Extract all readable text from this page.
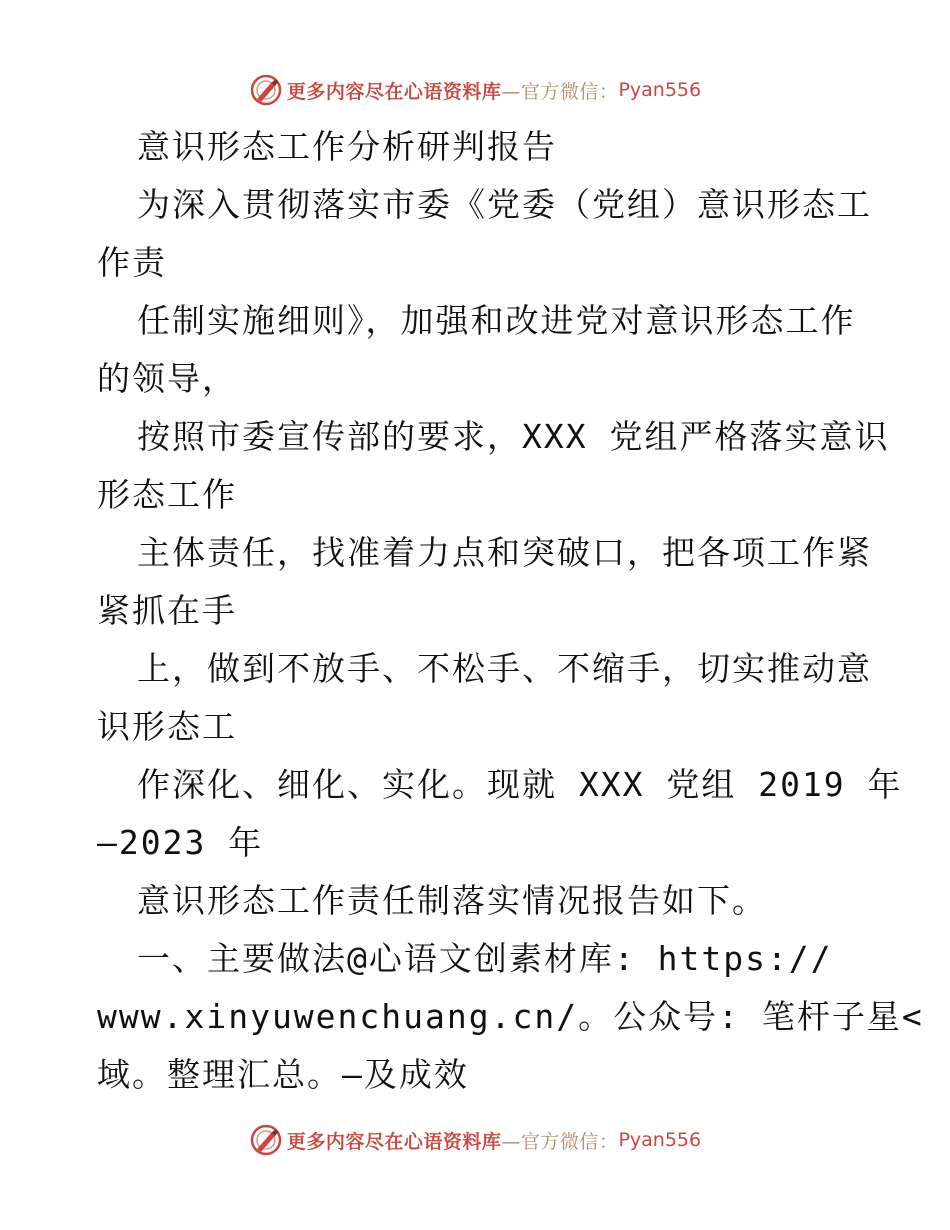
更多内容尽在心语资料库 —官方微信： Pyan556
意识形态工作分析研判报告
为深入贯彻落实市委《党委（党组）意识形态工
作责
任制实施细则》，加强和改进党对意识形态工作
的领导，
按照市委宣传部的要求，XXX 党组严格落实意识
形态工作
主体责任，找准着力点和突破口，把各项工作紧
紧抓在手
上，做到不放手、不松手、不缩手，切实推动意
识形态工
作深化、细化、实化。现就 XXX 党组 2019 年
—2023 年
意识形态工作责任制落实情况报告如下。
一、主要做法@心语文创素材库: https://
www.xinyuwenchuang.cn/。公众号: 笔杆子星<
域。整理汇总。—及成效
更多内容尽在心语资料库 —官方微信： Pyan556
